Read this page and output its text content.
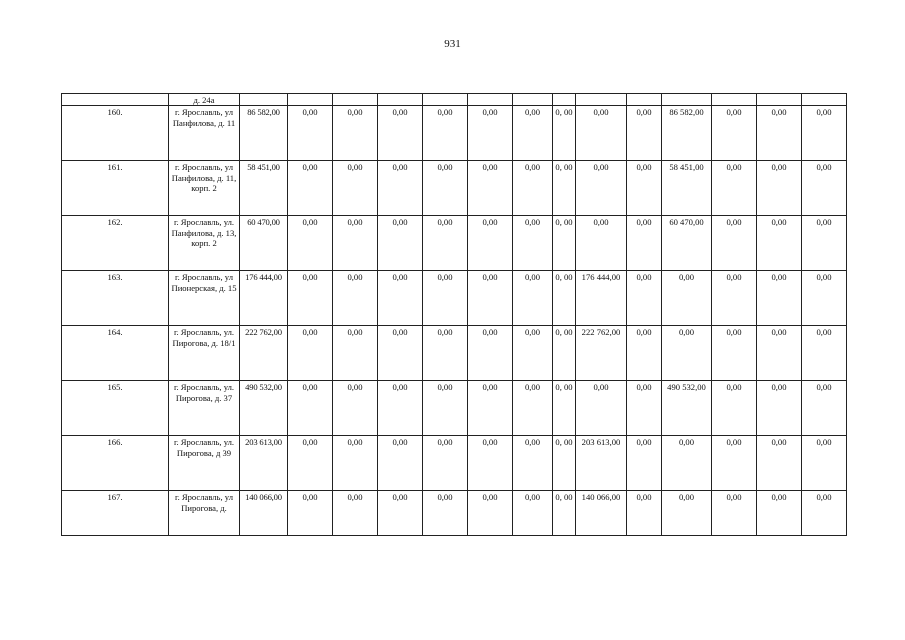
931
	д. 24а														
160.	г. Ярославль, ул Панфилова, д. 11	86 582,00	0,00	0,00	0,00	0,00	0,00	0,00	0, 00	0,00	0,00	86 582,00	0,00	0,00	0,00
161.	г. Ярославль, ул Панфилова, д. 11, корп. 2	58 451,00	0,00	0,00	0,00	0,00	0,00	0,00	0, 00	0,00	0,00	58 451,00	0,00	0,00	0,00
162.	г. Ярославль, ул. Панфилова, д. 13, корп. 2	60 470,00	0,00	0,00	0,00	0,00	0,00	0,00	0, 00	0,00	0,00	60 470,00	0,00	0,00	0,00
163.	г. Ярославль, ул Пионерская, д. 15	176 444,00	0,00	0,00	0,00	0,00	0,00	0,00	0, 00	176 444,00	0,00	0,00	0,00	0,00	0,00
164.	г. Ярославль, ул. Пирогова, д. 18/1	222 762,00	0,00	0,00	0,00	0,00	0,00	0,00	0, 00	222 762,00	0,00	0,00	0,00	0,00	0,00
165.	г. Ярославль, ул. Пирогова, д. 37	490 532,00	0,00	0,00	0,00	0,00	0,00	0,00	0, 00	0,00	0,00	490 532,00	0,00	0,00	0,00
166.	г. Ярославль, ул. Пирогова, д 39	203 613,00	0,00	0,00	0,00	0,00	0,00	0,00	0, 00	203 613,00	0,00	0,00	0,00	0,00	0,00
167.	г. Ярославль, ул Пирогова, д.	140 066,00	0,00	0,00	0,00	0,00	0,00	0,00	0, 00	140 066,00	0,00	0,00	0,00	0,00	0,00
